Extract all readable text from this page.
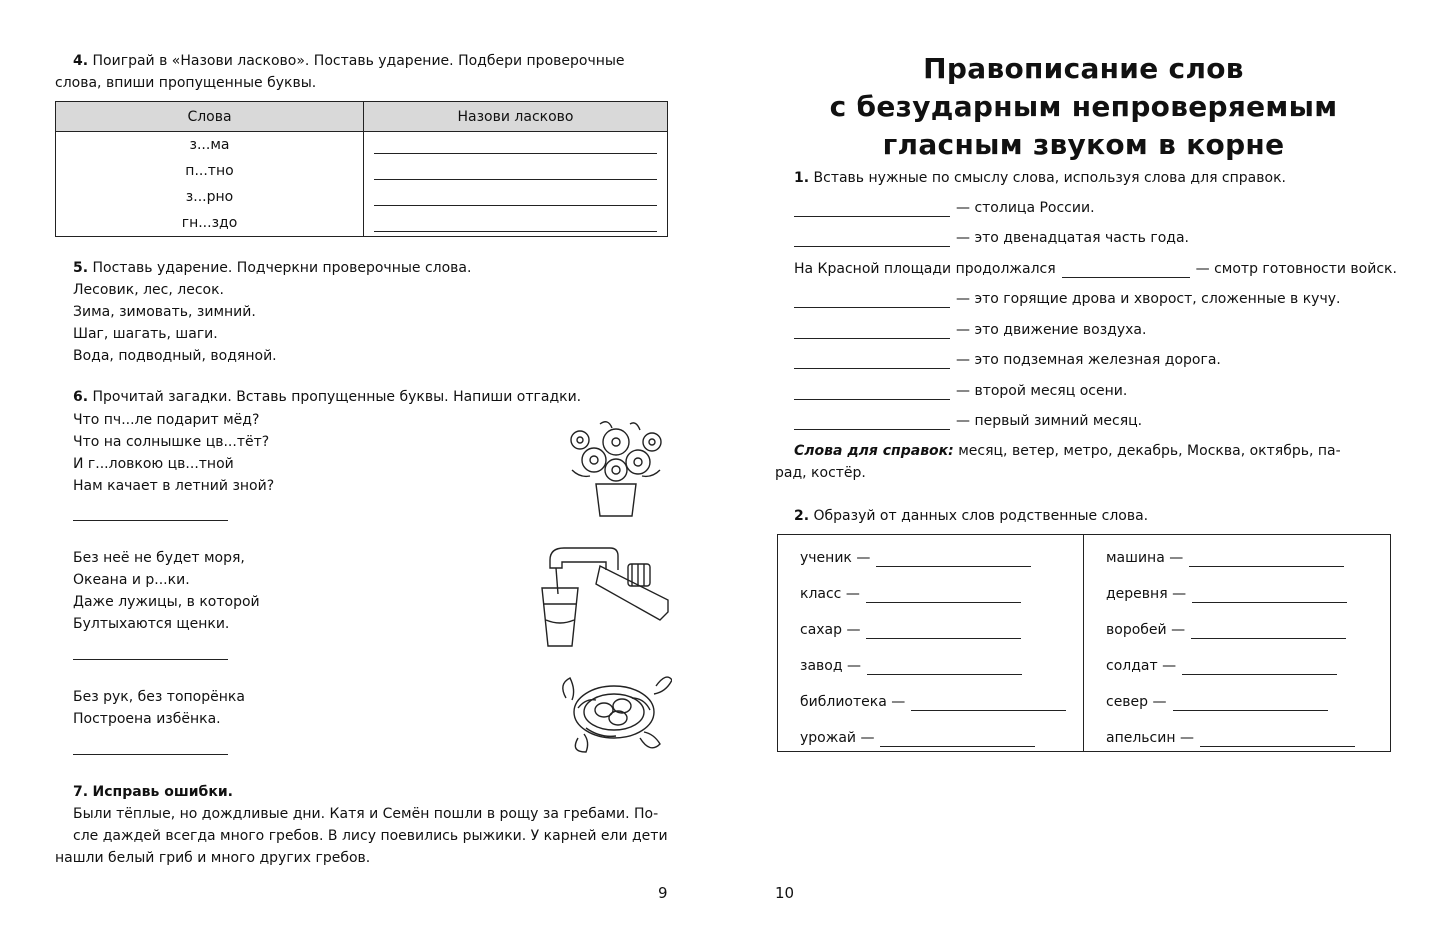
4. Поиграй в «Назови ласково». Поставь ударение. Подбери проверочные
слова, впиши пропущенные буквы.
Слова	Назови ласково

з...ма
п...тно
з...рно
гн...здо	

5. Поставь ударение. Подчеркни проверочные слова.
Лесовик, лес, лесок.
Зима, зимовать, зимний.
Шаг, шагать, шаги.
Вода, подводный, водяной.
6. Прочитай загадки. Вставь пропущенные буквы. Напиши отгадки.
Что пч...ле подарит мёд?
Что на солнышке цв...тёт?
И г...ловкою цв...тной
Нам качает в летний зной?
Без неё не будет моря,
Океана и р...ки.
Даже лужицы, в которой
Бултыхаются щенки.
Без рук, без топорёнка
Построена избёнка.
7. Исправь ошибки.
Были тёплые, но дождливые дни. Катя и Семён пошли в рощу за гребами. По-
сле даждей всегда много гребов. В лису поевились рыжики. У карней ели дети
нашли белый гриб и много других гребов.
9
Правописание слов
с безударным непроверяемым
гласным звуком в корне
1. Вставь нужные по смыслу слова, используя слова для справок.
— столица России.
— это двенадцатая часть года.
На Красной площади продолжался	— смотр готовности войск.
— это горящие дрова и хворост, сложенные в кучу.
— это движение воздуха.
— это подземная железная дорога.
— второй месяц осени.
— первый зимний месяц.
Слова для справок: месяц, ветер, метро, декабрь, Москва, октябрь, па-
рад, костёр.
2. Образуй от данных слов родственные слова.
ученик —
класс —
сахар —
завод —
библиотека —
урожай —
машина —
деревня —
воробей —
солдат —
север —
апельсин —
10
